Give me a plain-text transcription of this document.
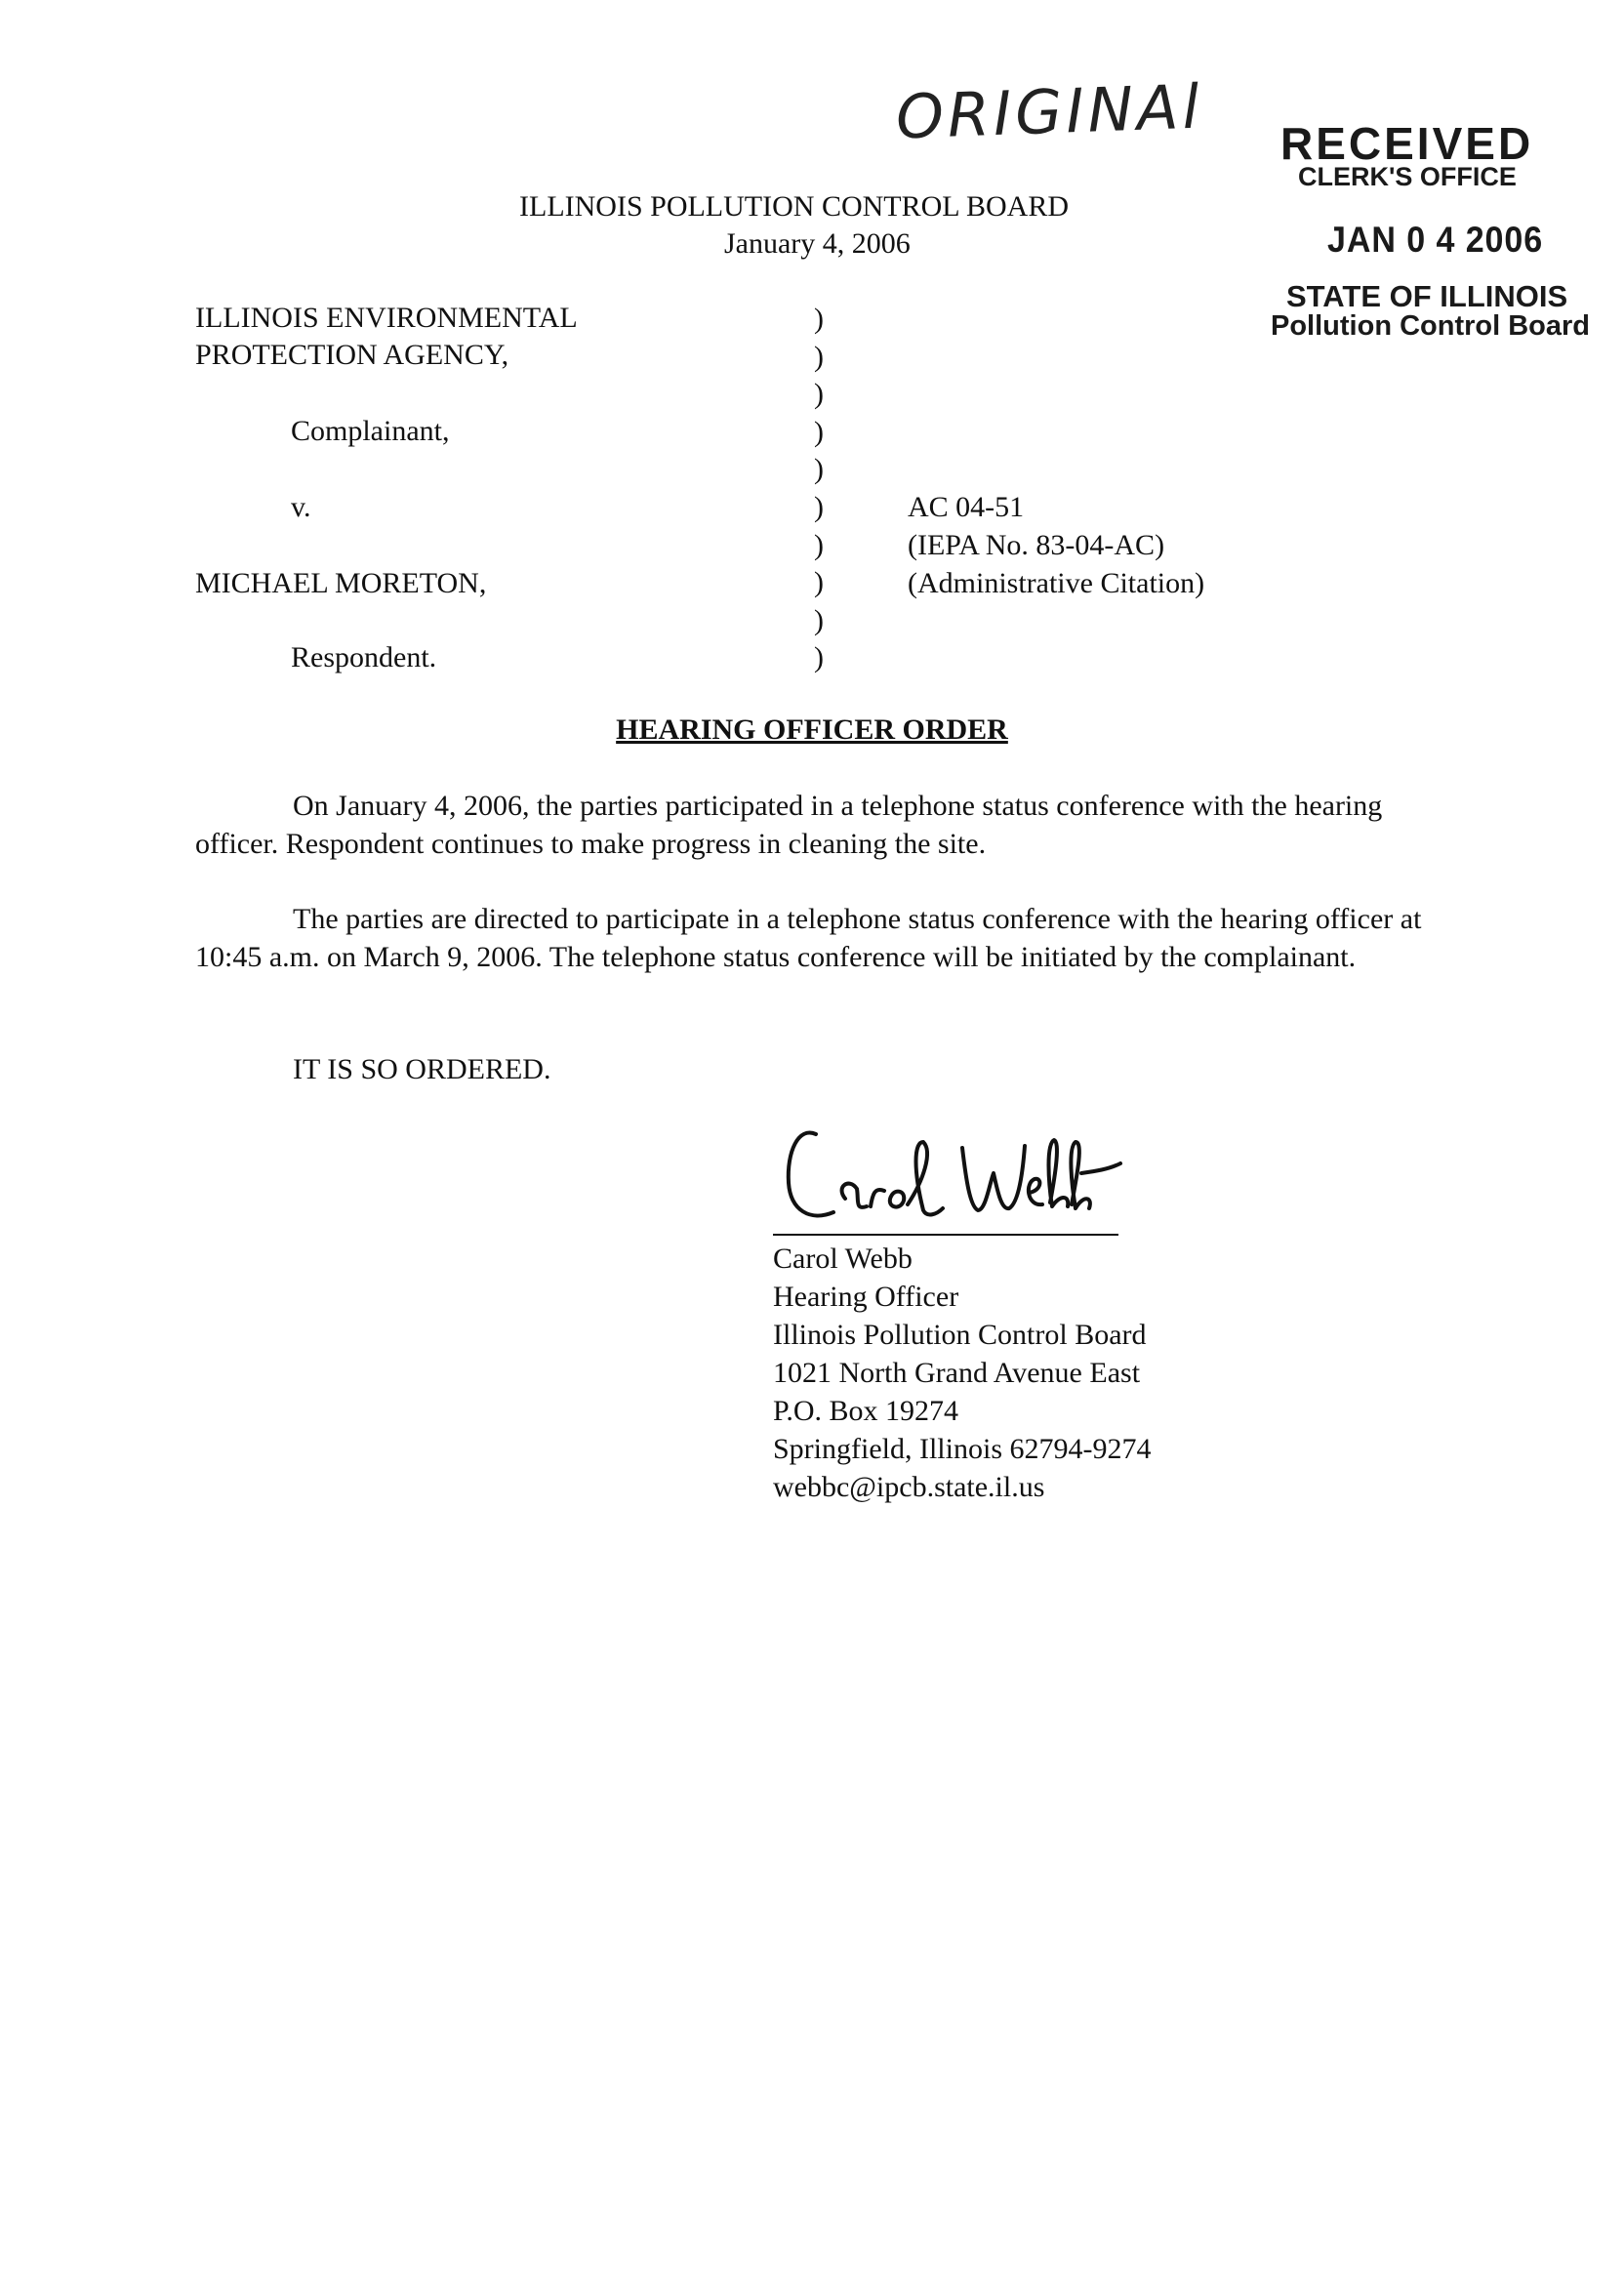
ORIGINAl
ILLINOIS POLLUTION CONTROL BOARD
January 4, 2006
RECEIVED
CLERK'S OFFICE
JAN 0 4 2006
STATE OF ILLINOIS
Pollution Control Board
ILLINOIS ENVIRONMENTAL
PROTECTION AGENCY,
Complainant,
v.
MICHAEL MORETON,
Respondent.
)
)
)
)
)
)
)
)
)
)
AC 04-51
(IEPA No. 83-04-AC)
(Administrative Citation)
HEARING OFFICER ORDER
On January 4, 2006, the parties participated in a telephone status conference with the hearing officer. Respondent continues to make progress in cleaning the site.
The parties are directed to participate in a telephone status conference with the hearing officer at 10:45 a.m. on March 9, 2006. The telephone status conference will be initiated by the complainant.
IT IS SO ORDERED.
Carol Webb
Hearing Officer
Illinois Pollution Control Board
1021 North Grand Avenue East
P.O. Box 19274
Springfield, Illinois 62794-9274
webbc@ipcb.state.il.us
